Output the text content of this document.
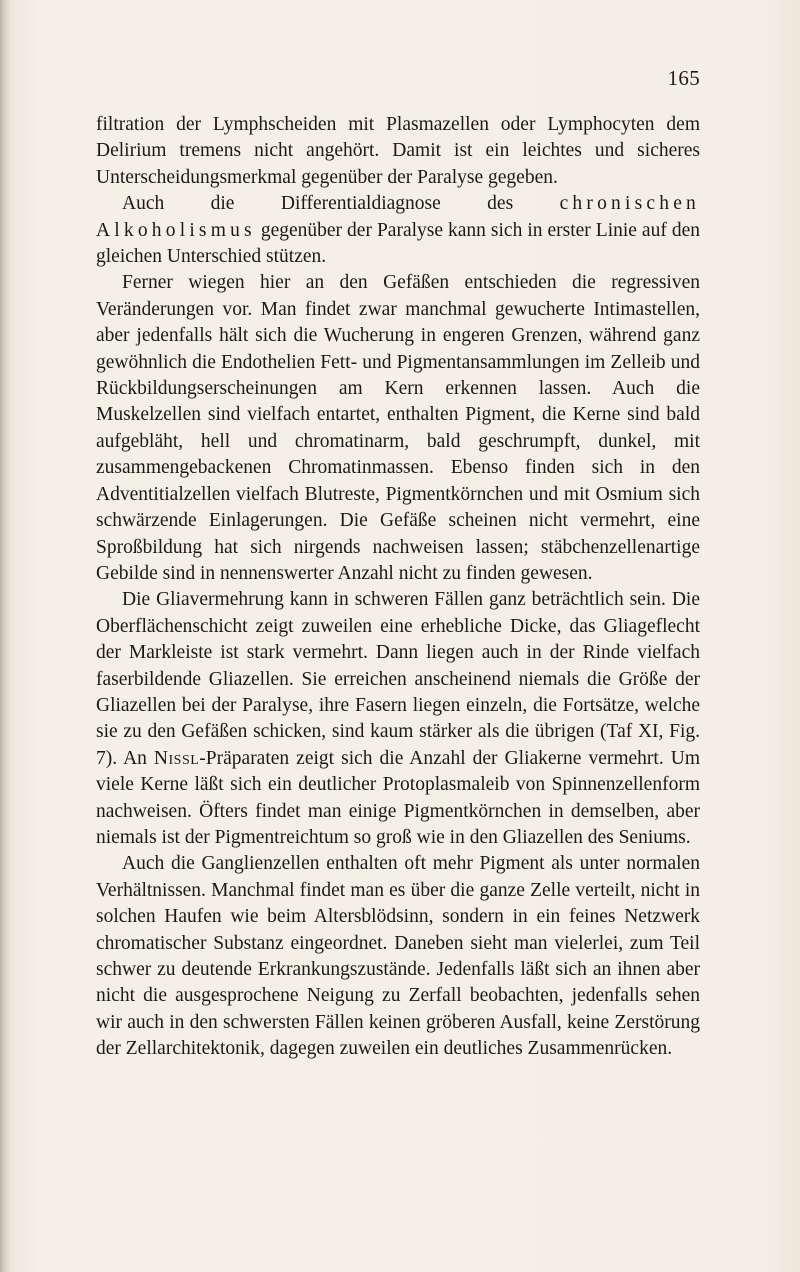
165

filtration der Lymphscheiden mit Plasmazellen oder Lymphocyten dem Delirium tremens nicht angehört. Damit ist ein leichtes und sicheres Unterscheidungsmerkmal gegenüber der Paralyse gegeben.

Auch die Differentialdiagnose des chronischen Alkoholismus gegenüber der Paralyse kann sich in erster Linie auf den gleichen Unterschied stützen.

Ferner wiegen hier an den Gefäßen entschieden die regressiven Veränderungen vor. Man findet zwar manchmal gewucherte Intimastellen, aber jedenfalls hält sich die Wucherung in engeren Grenzen, während ganz gewöhnlich die Endothelien Fett- und Pigmentansammlungen im Zelleib und Rückbildungserscheinungen am Kern erkennen lassen. Auch die Muskelzellen sind vielfach entartet, enthalten Pigment, die Kerne sind bald aufgebläht, hell und chromatinarm, bald geschrumpft, dunkel, mit zusammengebackenen Chromatinmassen. Ebenso finden sich in den Adventitialzellen vielfach Blutreste, Pigmentkörnchen und mit Osmium sich schwärzende Einlagerungen. Die Gefäße scheinen nicht vermehrt, eine Sproßbildung hat sich nirgends nachweisen lassen; stäbchenzellenartige Gebilde sind in nennenswerter Anzahl nicht zu finden gewesen.

Die Gliavermehrung kann in schweren Fällen ganz beträchtlich sein. Die Oberflächenschicht zeigt zuweilen eine erhebliche Dicke, das Gliageflecht der Markleiste ist stark vermehrt. Dann liegen auch in der Rinde vielfach faserbildende Gliazellen. Sie erreichen anscheinend niemals die Größe der Gliazellen bei der Paralyse, ihre Fasern liegen einzeln, die Fortsätze, welche sie zu den Gefäßen schicken, sind kaum stärker als die übrigen (Taf XI, Fig. 7). An Nissl-Präparaten zeigt sich die Anzahl der Gliakerne vermehrt. Um viele Kerne läßt sich ein deutlicher Protoplasmaleib von Spinnenzellenform nachweisen. Öfters findet man einige Pigmentkörnchen in demselben, aber niemals ist der Pigmentreichtum so groß wie in den Gliazellen des Seniums.

Auch die Ganglienzellen enthalten oft mehr Pigment als unter normalen Verhältnissen. Manchmal findet man es über die ganze Zelle verteilt, nicht in solchen Haufen wie beim Altersblödsinn, sondern in ein feines Netzwerk chromatischer Substanz eingeordnet. Daneben sieht man vielerlei, zum Teil schwer zu deutende Erkrankungszustände. Jedenfalls läßt sich an ihnen aber nicht die ausgesprochene Neigung zu Zerfall beobachten, jedenfalls sehen wir auch in den schwersten Fällen keinen gröberen Ausfall, keine Zerstörung der Zellarchitektonik, dagegen zuweilen ein deutliches Zusammenrücken.
